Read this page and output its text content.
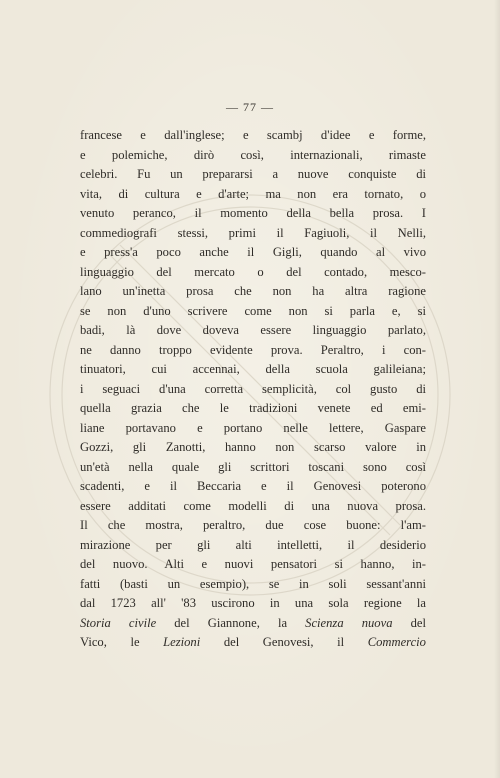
— 77 —
francese e dall'inglese; e scambj d'idee e forme,
e polemiche, dirò così, internazionali, rimaste
celebri. Fu un prepararsi a nuove conquiste di
vita, di cultura e d'arte; ma non era tornato, o
venuto peranco, il momento della bella prosa. I
commediografi stessi, primi il Fagiuoli, il Nelli,
e press'a poco anche il Gigli, quando al vivo
linguaggio del mercato o del contado, mesco-
lano un'inetta prosa che non ha altra ragione
se non d'uno scrivere come non si parla e, si
badi, là dove doveva essere linguaggio parlato,
ne danno troppo evidente prova. Peraltro, i con-
tinuatori, cui accennai, della scuola galileiana;
i seguaci d'una corretta semplicità, col gusto di
quella grazia che le tradizioni venete ed emi-
liane portavano e portano nelle lettere, Gaspare
Gozzi, gli Zanotti, hanno non scarso valore in
un'età nella quale gli scrittori toscani sono così
scadenti, e il Beccaria e il Genovesi poterono
essere additati come modelli di una nuova prosa.
Il che mostra, peraltro, due cose buone: l'am-
mirazione per gli alti intelletti, il desiderio
del nuovo. Alti e nuovi pensatori si hanno, in-
fatti (basti un esempio), se in soli sessant'anni
dal 1723 all' '83 uscirono in una sola regione la
Storia civile del Giannone, la Scienza nuova del
Vico, le Lezioni del Genovesi, il Commercio
